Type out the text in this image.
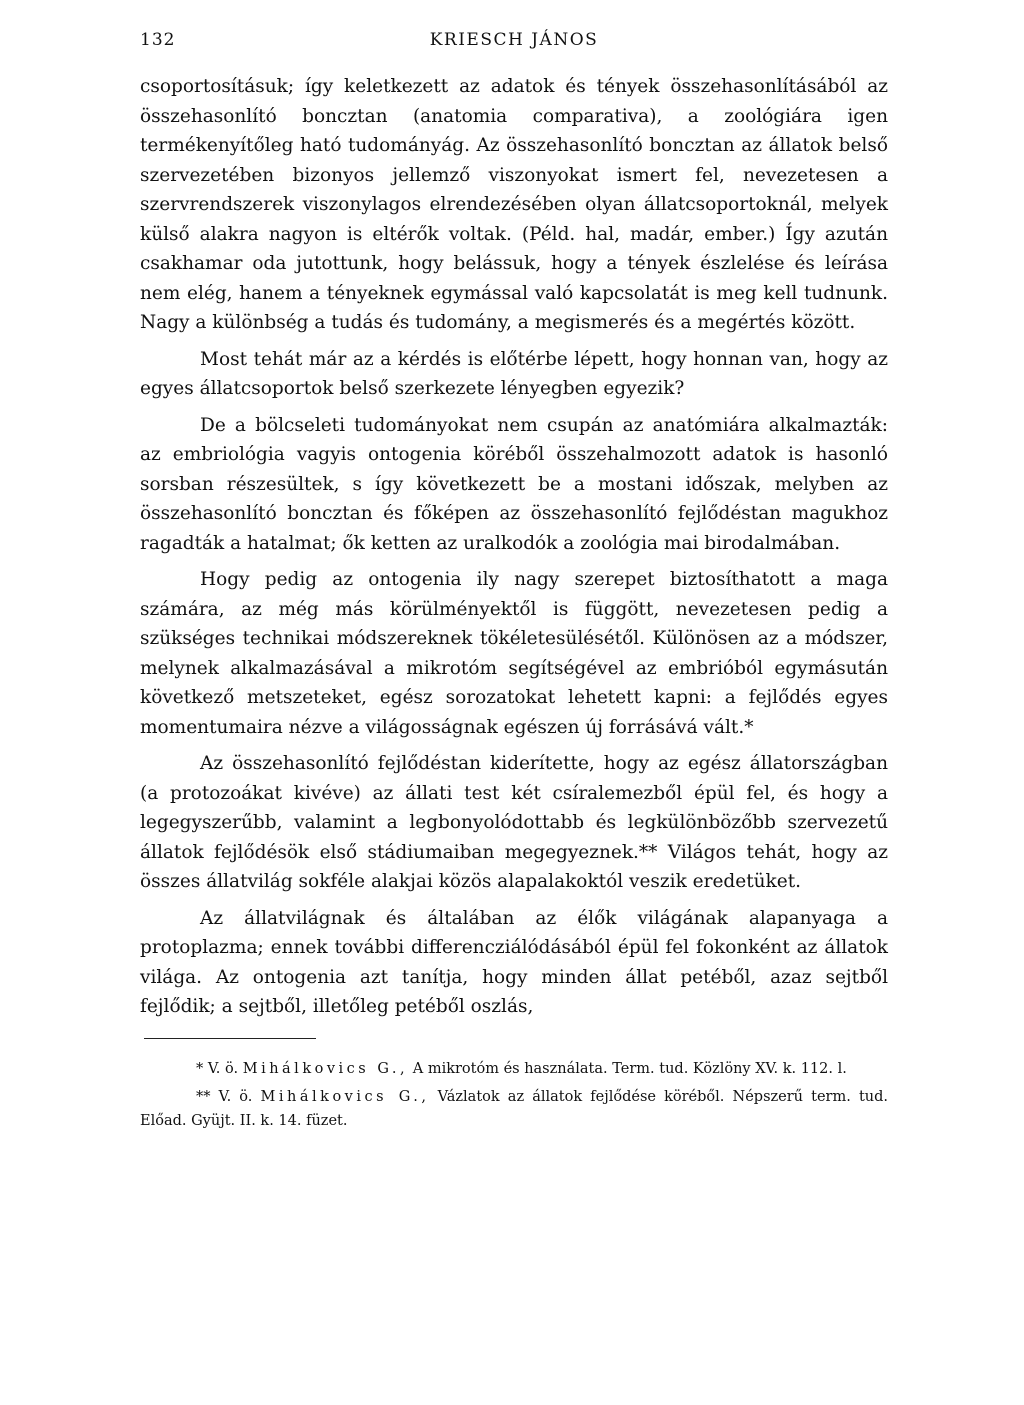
132	KRIESCH JÁNOS

csoportosításuk; így keletkezett az adatok és tények összehasonlításából az összehasonlító boncztan (anatomia comparativa), a zoológiára igen termékenyítőleg ható tudományág. Az összehasonlító boncztan az állatok belső szervezetében bizonyos jellemző viszonyokat ismert fel, nevezetesen a szervrendszerek viszonylagos elrendezésében olyan állatcsoportoknál, melyek külső alakra nagyon is eltérők voltak. (Péld. hal, madár, ember.) Így azután csakhamar oda jutottunk, hogy belássuk, hogy a tények észlelése és leírása nem elég, hanem a tényeknek egymással való kapcsolatát is meg kell tudnunk. Nagy a különbség a tudás és tudomány, a megismerés és a megértés között.

Most tehát már az a kérdés is előtérbe lépett, hogy honnan van, hogy az egyes állatcsoportok belső szerkezete lényegben egyezik?

De a bölcseleti tudományokat nem csupán az anatómiára alkalmazták: az embriológia vagyis ontogenia köréből összehalmozott adatok is hasonló sorsban részesültek, s így következett be a mostani időszak, melyben az összehasonlító boncztan és főképen az összehasonlító fejlődéstan magukhoz ragadták a hatalmat; ők ketten az uralkodók a zoológia mai birodalmában.

Hogy pedig az ontogenia ily nagy szerepet biztosíthatott a maga számára, az még más körülményektől is függött, nevezetesen pedig a szükséges technikai módszereknek tökéletesülésétől. Különösen az a módszer, melynek alkalmazásával a mikrotóm segítségével az embrióból egymásután következő metszeteket, egész sorozatokat lehetett kapni: a fejlődés egyes momentumaira nézve a világosságnak egészen új forrásává vált.*

Az összehasonlító fejlődéstan kiderítette, hogy az egész állatországban (a protozoákat kivéve) az állati test két csíralemezből épül fel, és hogy a legegyszerűbb, valamint a legbonyolódottabb és legkülönbözőbb szervezetű állatok fejlődésök első stádiumaiban megegyeznek.** Világos tehát, hogy az összes állatvilág sokféle alakjai közös alapalakoktól veszik eredetüket.

Az állatvilágnak és általában az élők világának alapanyaga a protoplazma; ennek további differencziálódásából épül fel fokonként az állatok világa. Az ontogenia azt tanítja, hogy minden állat petéből, azaz sejtből fejlődik; a sejtből, illetőleg petéből oszlás,

* V. ö. Mihálkovics G., A mikrotóm és használata. Term. tud. Közlöny XV. k. 112. l.

** V. ö. Mihálkovics G., Vázlatok az állatok fejlődése köréből. Népszerű term. tud. Előad. Gyüjt. II. k. 14. füzet.
